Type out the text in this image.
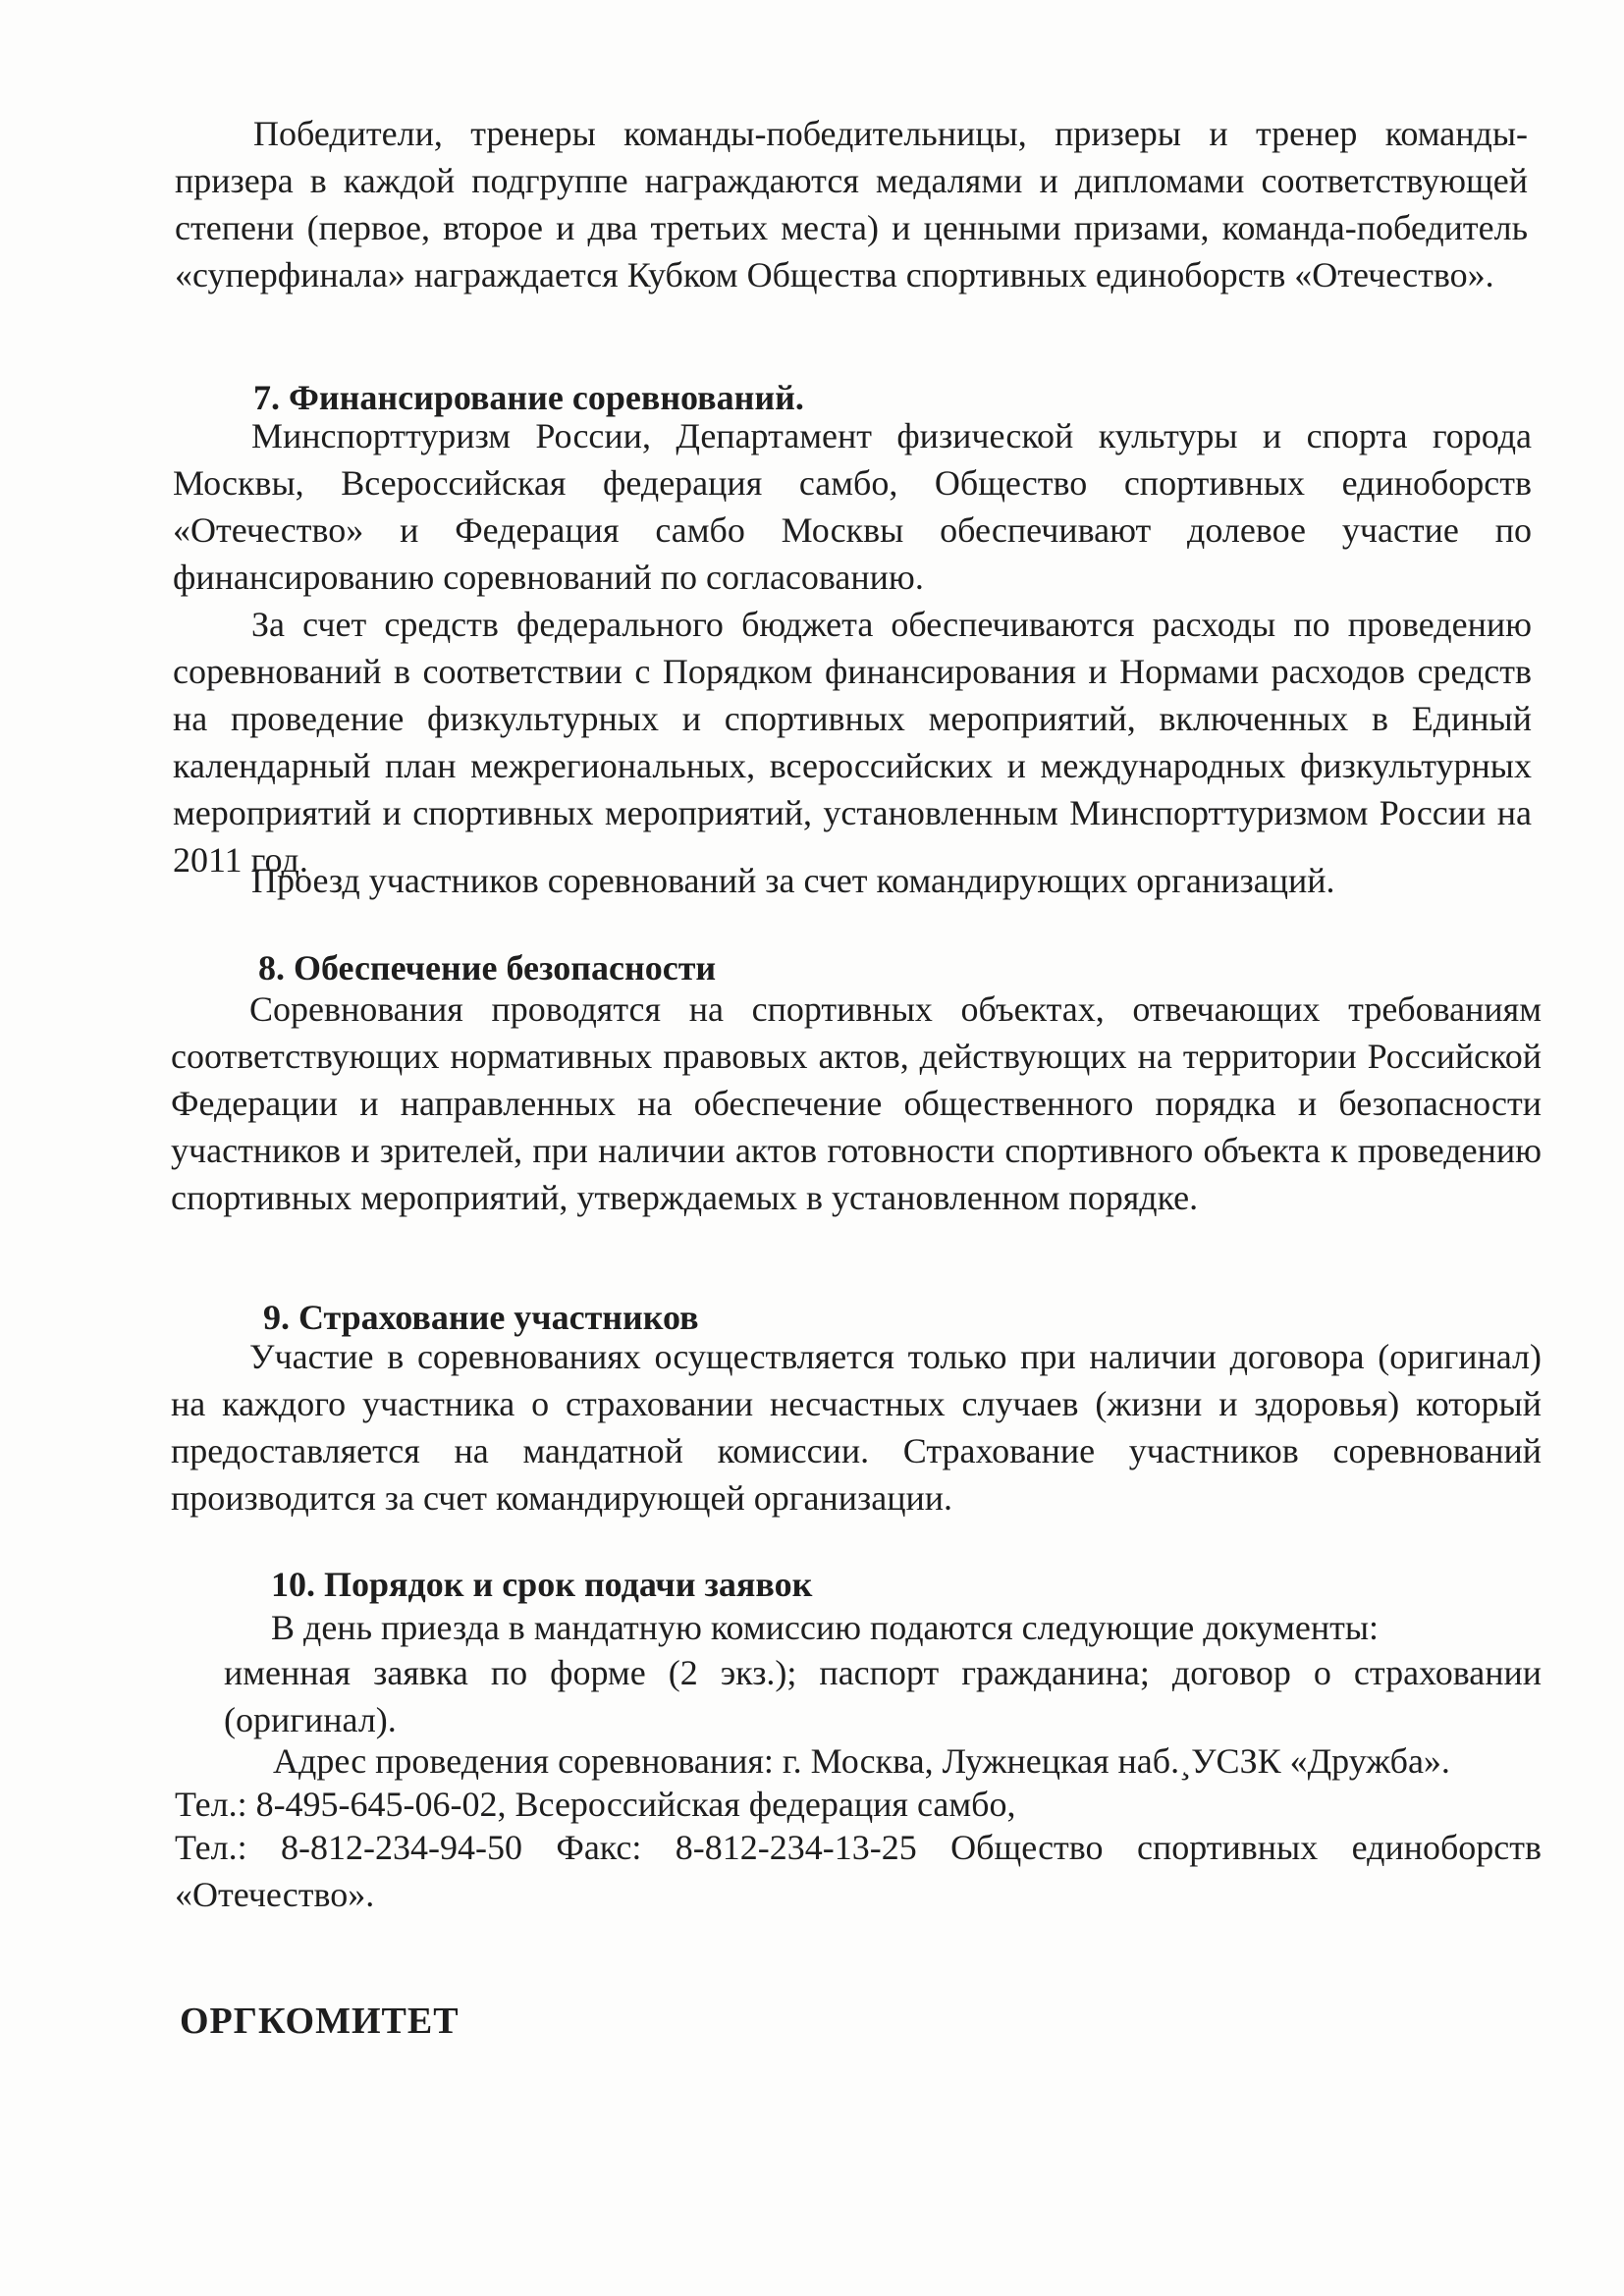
Победители, тренеры команды-победительницы, призеры и тренер команды-призера в каждой подгруппе награждаются медалями и дипломами соответствующей степени (первое, второе и два третьих места) и ценными призами, команда-победитель «суперфинала» награждается Кубком Общества спортивных единоборств «Отечество».
7. Финансирование соревнований.
Минспорттуризм России, Департамент физической культуры и спорта города Москвы, Всероссийская федерация самбо, Общество спортивных единоборств «Отечество» и Федерация самбо Москвы обеспечивают долевое участие по финансированию соревнований по согласованию.
За счет средств федерального бюджета обеспечиваются расходы по проведению соревнований в соответствии с Порядком финансирования и Нормами расходов средств на проведение физкультурных и спортивных мероприятий, включенных в Единый календарный план межрегиональных, всероссийских и международных физкультурных мероприятий и спортивных мероприятий, установленным Минспорттуризмом России на 2011 год.
Проезд участников соревнований за счет командирующих организаций.
8. Обеспечение безопасности
Соревнования проводятся на спортивных объектах, отвечающих требованиям соответствующих нормативных правовых актов, действующих на территории Российской Федерации и направленных на обеспечение общественного порядка и безопасности участников и зрителей, при наличии актов готовности спортивного объекта к проведению спортивных мероприятий, утверждаемых в установленном порядке.
9. Страхование участников
Участие в соревнованиях осуществляется только при наличии договора (оригинал) на каждого участника о страховании несчастных случаев (жизни и здоровья) который предоставляется на мандатной комиссии. Страхование участников соревнований производится за счет командирующей организации.
10. Порядок и срок подачи заявок
В день приезда в мандатную комиссию подаются следующие документы:
именная заявка по форме (2 экз.); паспорт гражданина; договор о страховании (оригинал).
Адрес проведения соревнования: г. Москва, Лужнецкая наб.¸УСЗК «Дружба».
Тел.: 8-495-645-06-02, Всероссийская федерация самбо,
Тел.: 8-812-234-94-50 Факс: 8-812-234-13-25 Общество спортивных единоборств «Отечество».
ОРГКОМИТЕТ
